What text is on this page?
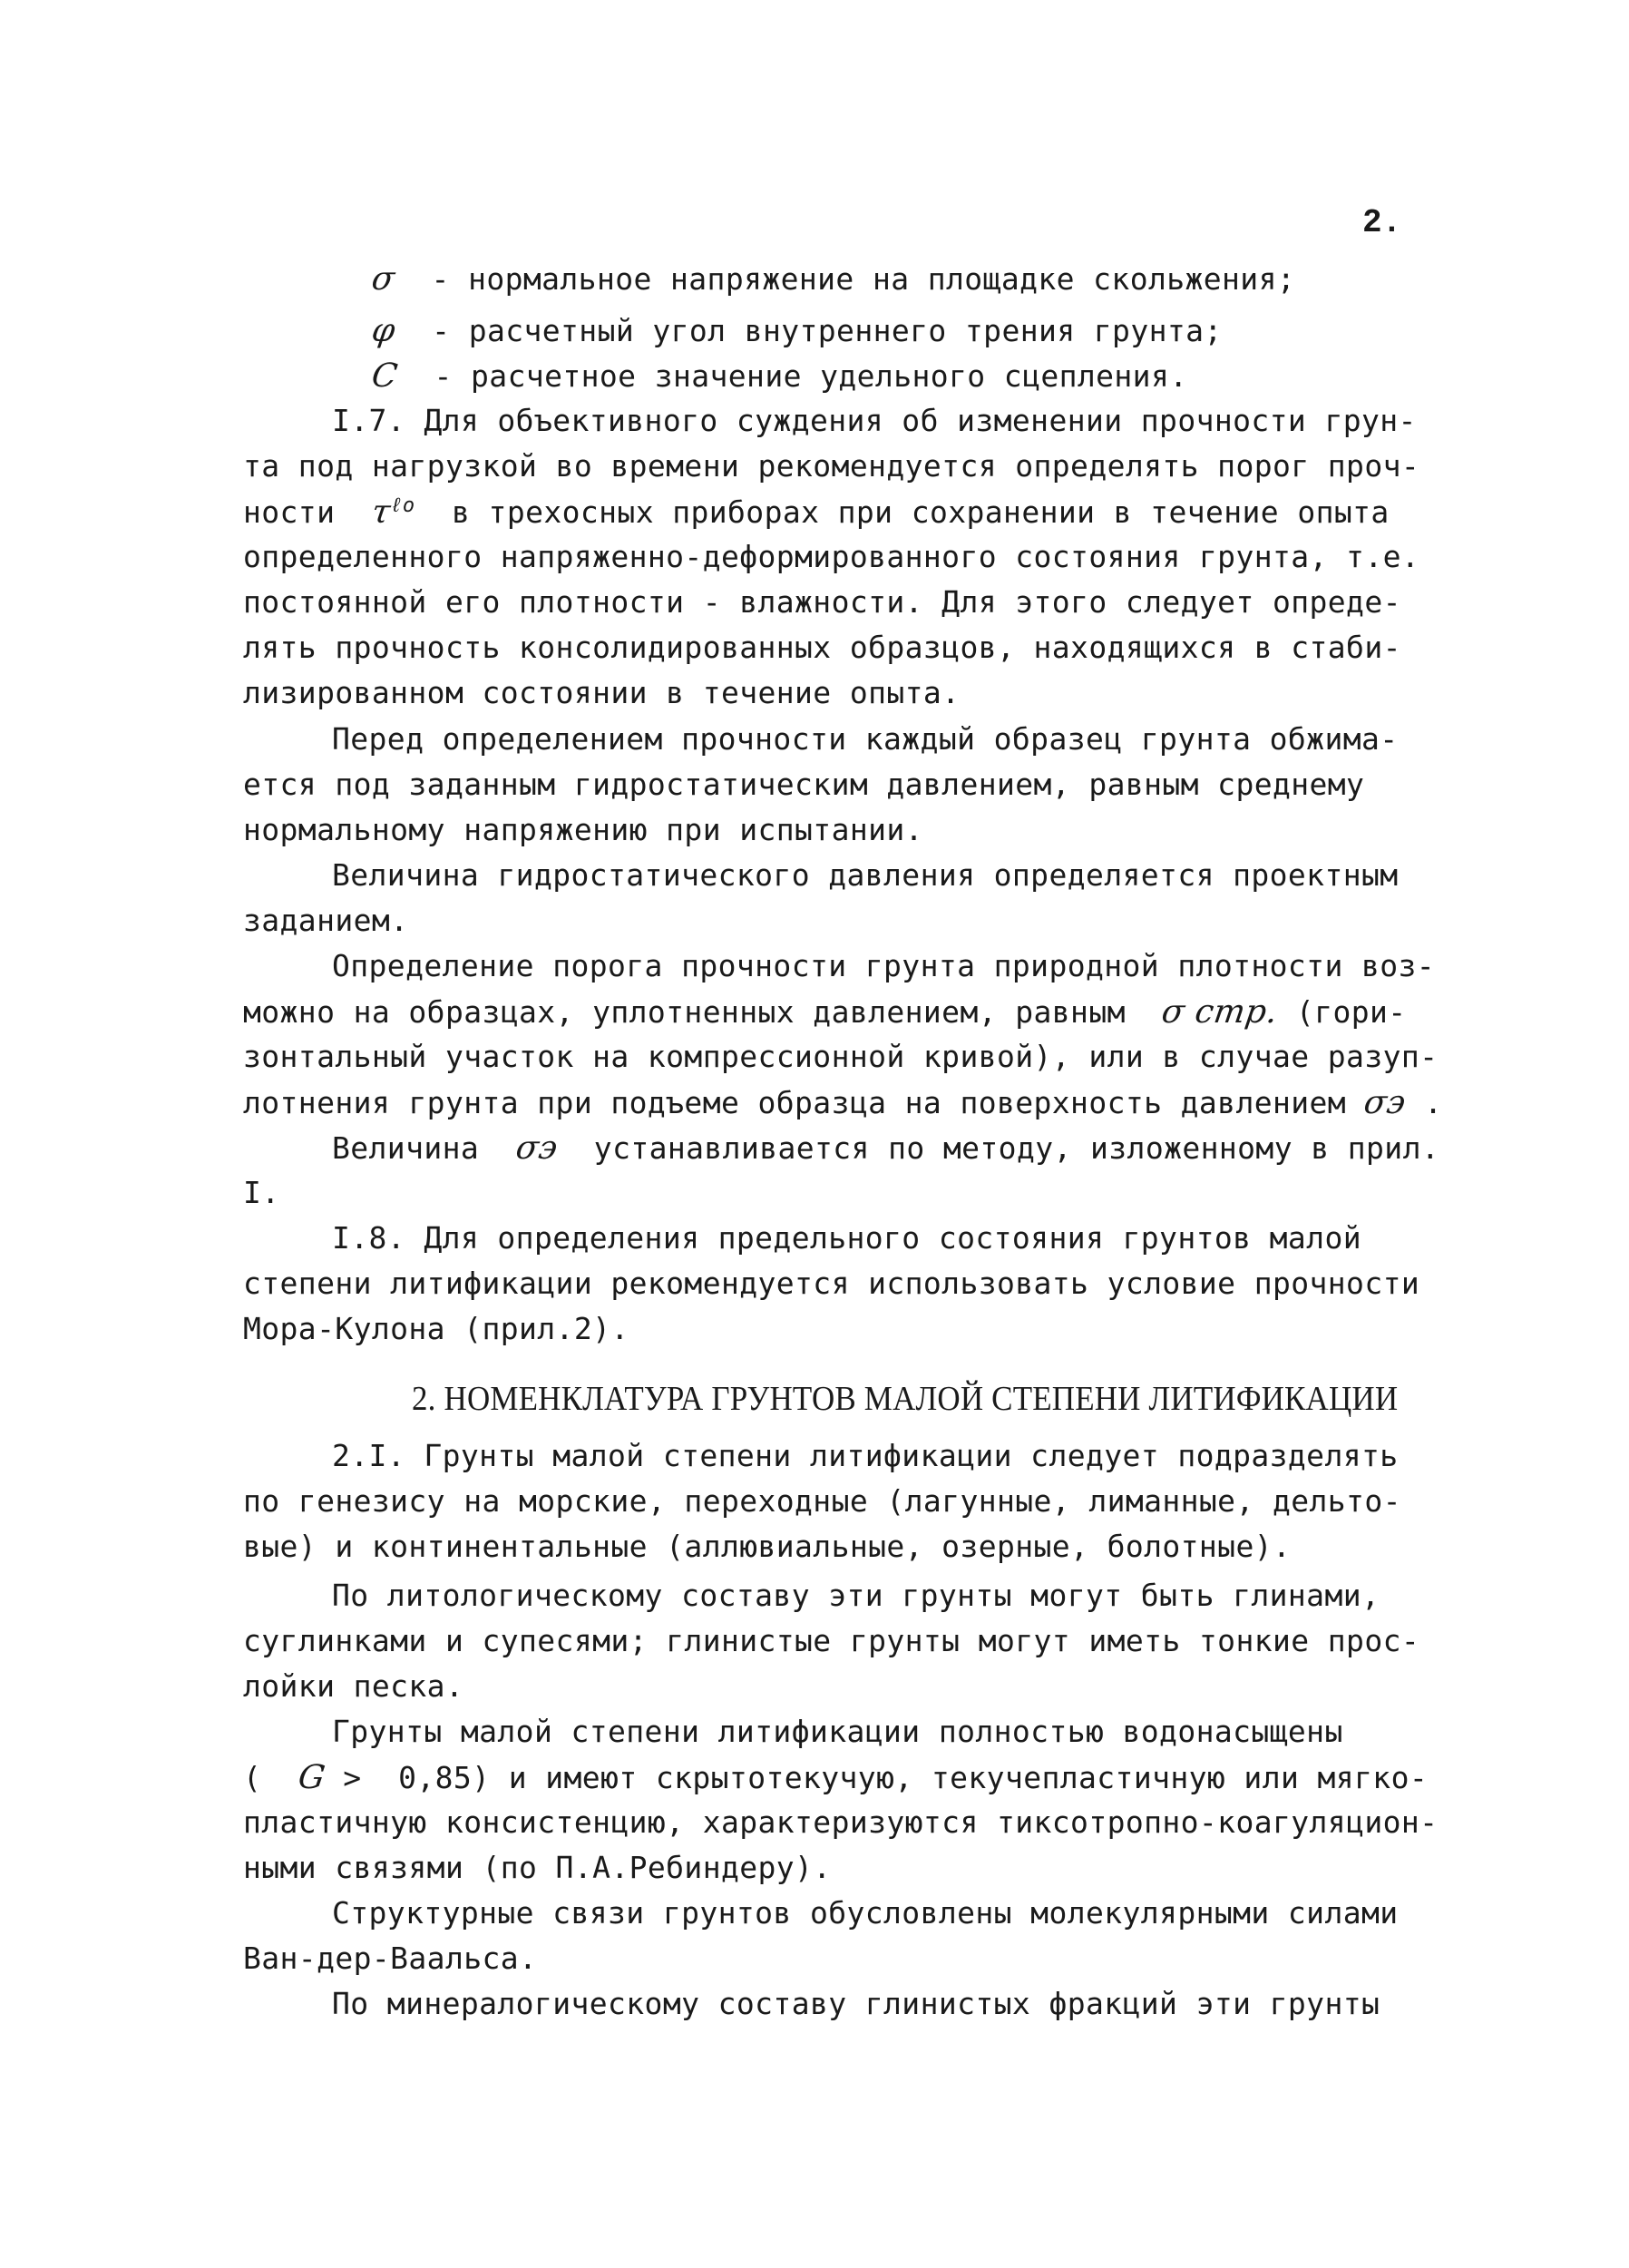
2.
σ - нормальное напряжение на площадке скольжения;
φ - расчетный угол внутреннего трения грунта;
C - расчетное значение удельного сцепления.
I.7. Для объективного суждения об изменении прочности грун-
та под нагрузкой во времени рекомендуется определять порог проч-
ности $\tau^{\ell о}$ в трехосных приборах при сохранении в течение опыта
определенного напряженно-деформированного состояния грунта, т.е.
постоянной его плотности - влажности. Для этого следует опреде-
лять прочность консолидированных образцов, находящихся в стаби-
лизированном состоянии в течение опыта.
Перед определением прочности каждый образец грунта обжима-
ется под заданным гидростатическим давлением, равным среднему
нормальному напряжению при испытании.
Величина гидростатического давления определяется проектным
заданием.
Определение порога прочности грунта природной плотности воз-
можно на образцах, уплотненных давлением, равным σ стр. (гори-
зонтальный участок на компрессионной кривой), или в случае разуп-
лотнения грунта при подъеме образца на поверхность давлением σэ .
Величина σэ устанавливается по методу, изложенному в прил.
I.
I.8. Для определения предельного состояния грунтов малой
степени литификации рекомендуется использовать условие прочности
Мора-Кулона (прил.2).
2. НОМЕНКЛАТУРА ГРУНТОВ МАЛОЙ СТЕПЕНИ ЛИТИФИКАЦИИ
2.I. Грунты малой степени литификации следует подразделять
по генезису на морские, переходные (лагунные, лиманные, дельто-
вые) и континентальные (аллювиальные, озерные, болотные).
По литологическому составу эти грунты могут быть глинами,
суглинками и супесями; глинистые грунты могут иметь тонкие прос-
лойки песка.
Грунты малой степени литификации полностью водонасыщены
( G > 0,85) и имеют скрытотекучую, текучепластичную или мягко-
пластичную консистенцию, характеризуются тиксотропно-коагуляцион-
ными связями (по П.А.Ребиндеру).
Структурные связи грунтов обусловлены молекулярными силами
Ван-дер-Ваальса.
По минералогическому составу глинистых фракций эти грунты
